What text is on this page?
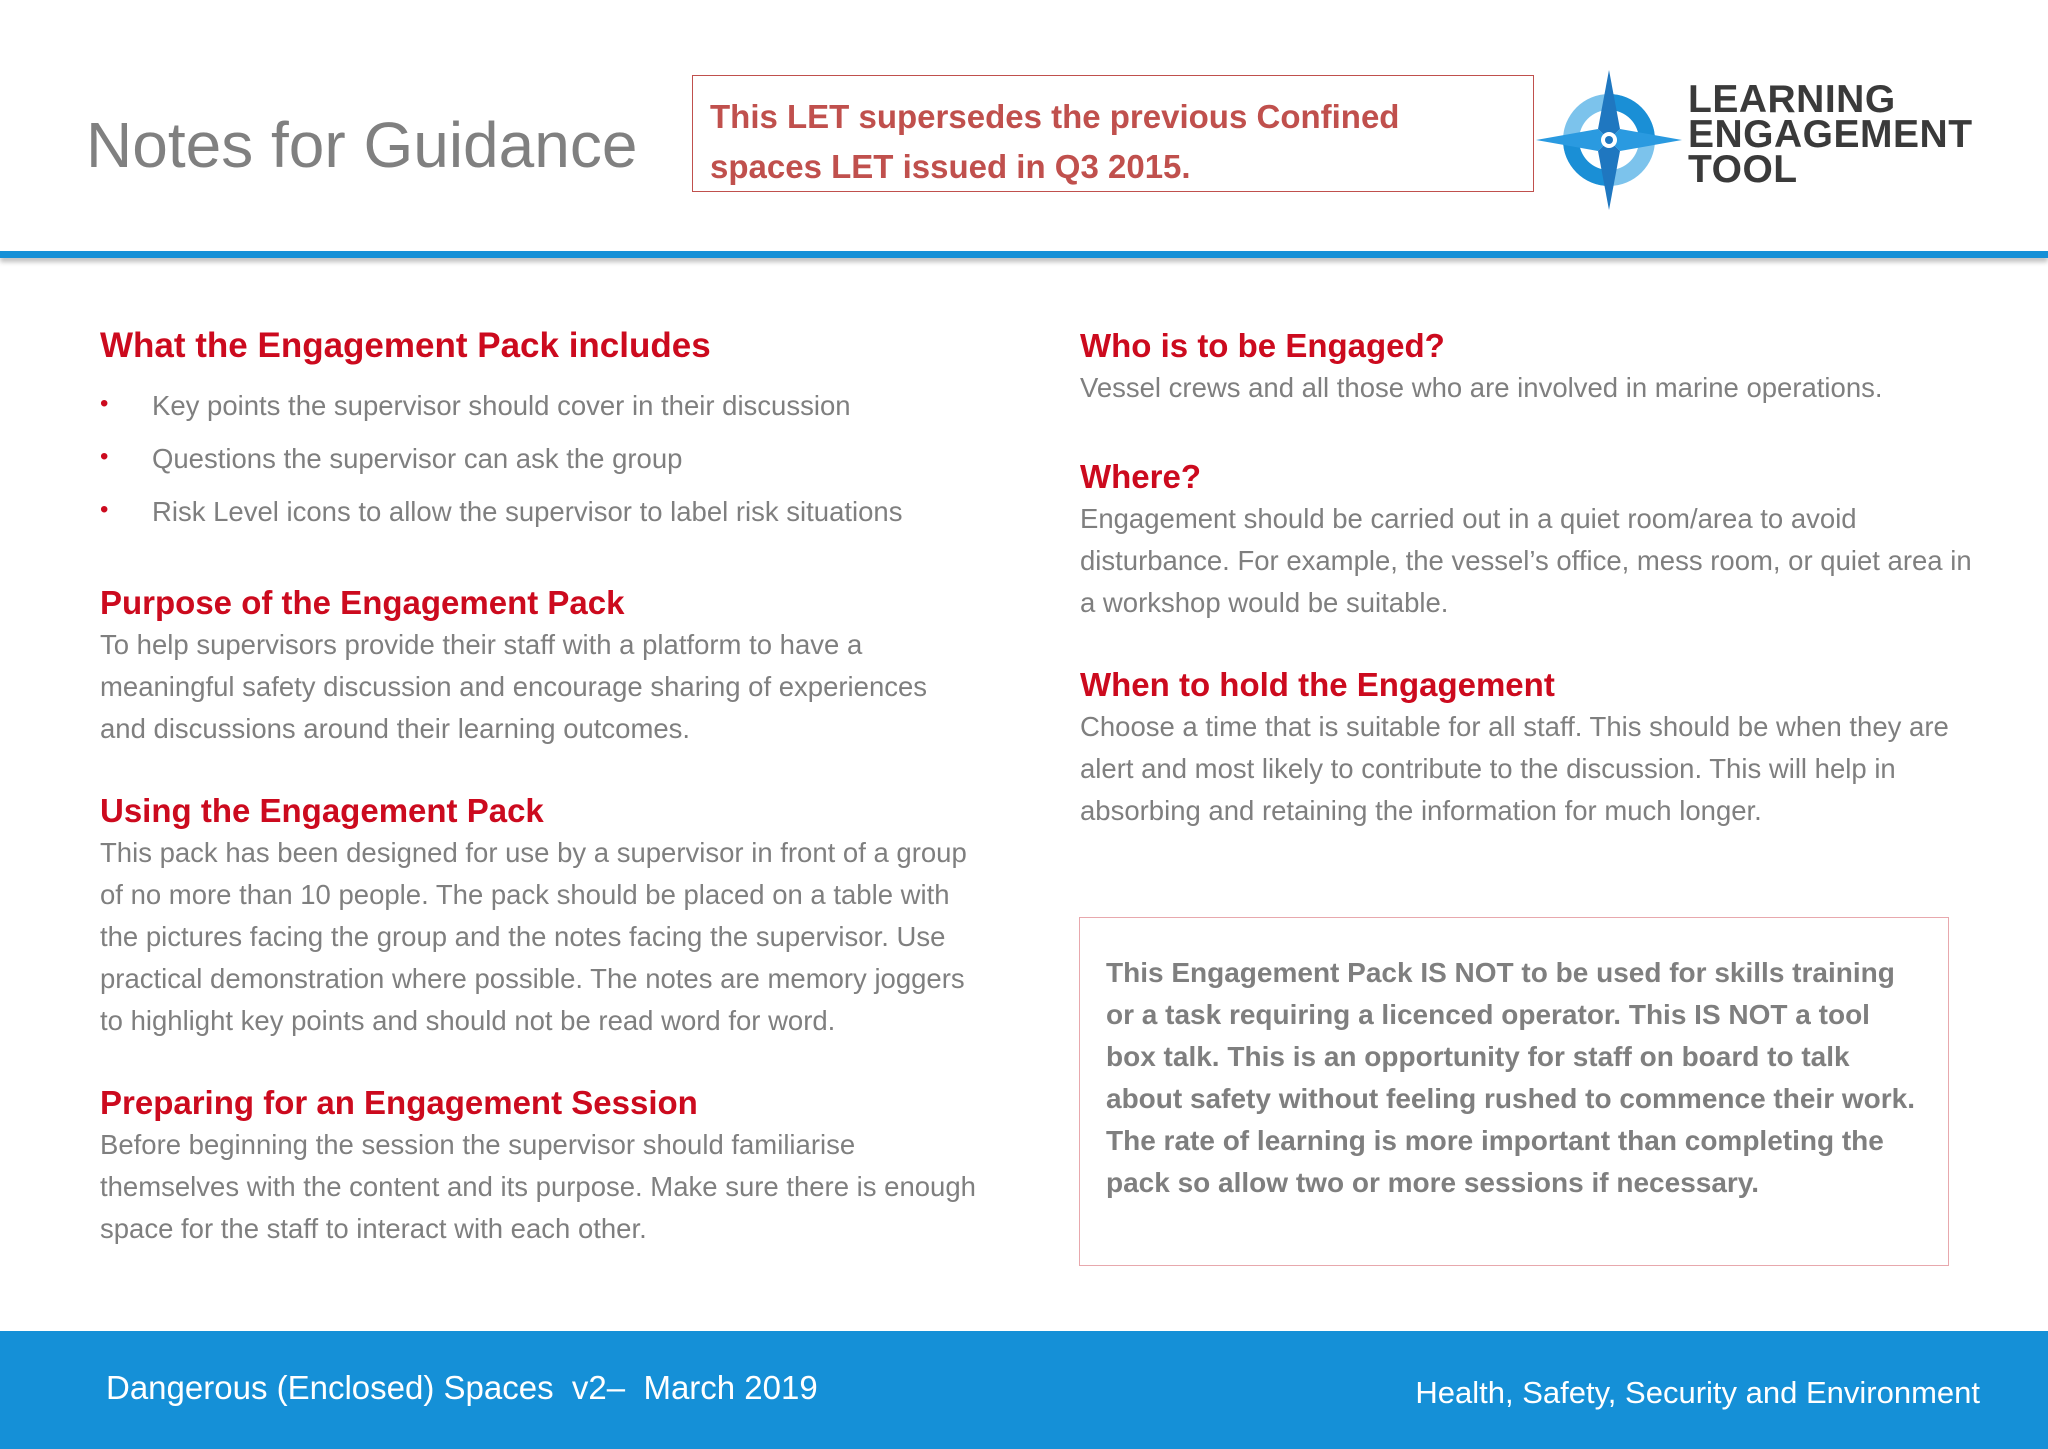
Notes for Guidance This LET supersedes the previous Confined
spaces LET issued in Q3 2015.
LEARNING
ENGAGEMENT
TOOL
What the Engagement Pack includes
• Key points the supervisor should cover in their discussion
• Questions the supervisor can ask the group
• Risk Level icons to allow the supervisor to label risk situations
Purpose of the Engagement Pack

To help supervisors provide their staff with a platform to have a meaningful safety discussion and encourage sharing of experiences and discussions around their learning outcomes.

Using the Engagement Pack

This pack has been designed for use by a supervisor in front of a group of no more than 10 people. The pack should be placed on a table with the pictures facing the group and the notes facing the supervisor. Use practical demonstration where possible. The notes are memory joggers to highlight key points and should not be read word for word.

Preparing for an Engagement Session

Before beginning the session the supervisor should familiarise themselves with the content and its purpose. Make sure there is enough space for the staff to interact with each other.

Who is to be Engaged?

Vessel crews and all those who are involved in marine operations.

Where?

Engagement should be carried out in a quiet room/area to avoid disturbance. For example, the vessel’s office, mess room, or quiet area in a workshop would be suitable.

When to hold the Engagement

Choose a time that is suitable for all staff. This should be when they are alert and most likely to contribute to the discussion. This will help in absorbing and retaining the information for much longer.

This Engagement Pack IS NOT to be used for skills training or a task requiring a licenced operator. This IS NOT a tool box talk. This is an opportunity for staff on board to talk about safety without feeling rushed to commence their work. The rate of learning is more important than completing the pack so allow two or more sessions if necessary.
Dangerous (Enclosed) Spaces  v2–  March 2019	Health, Safety, Security and Environment
